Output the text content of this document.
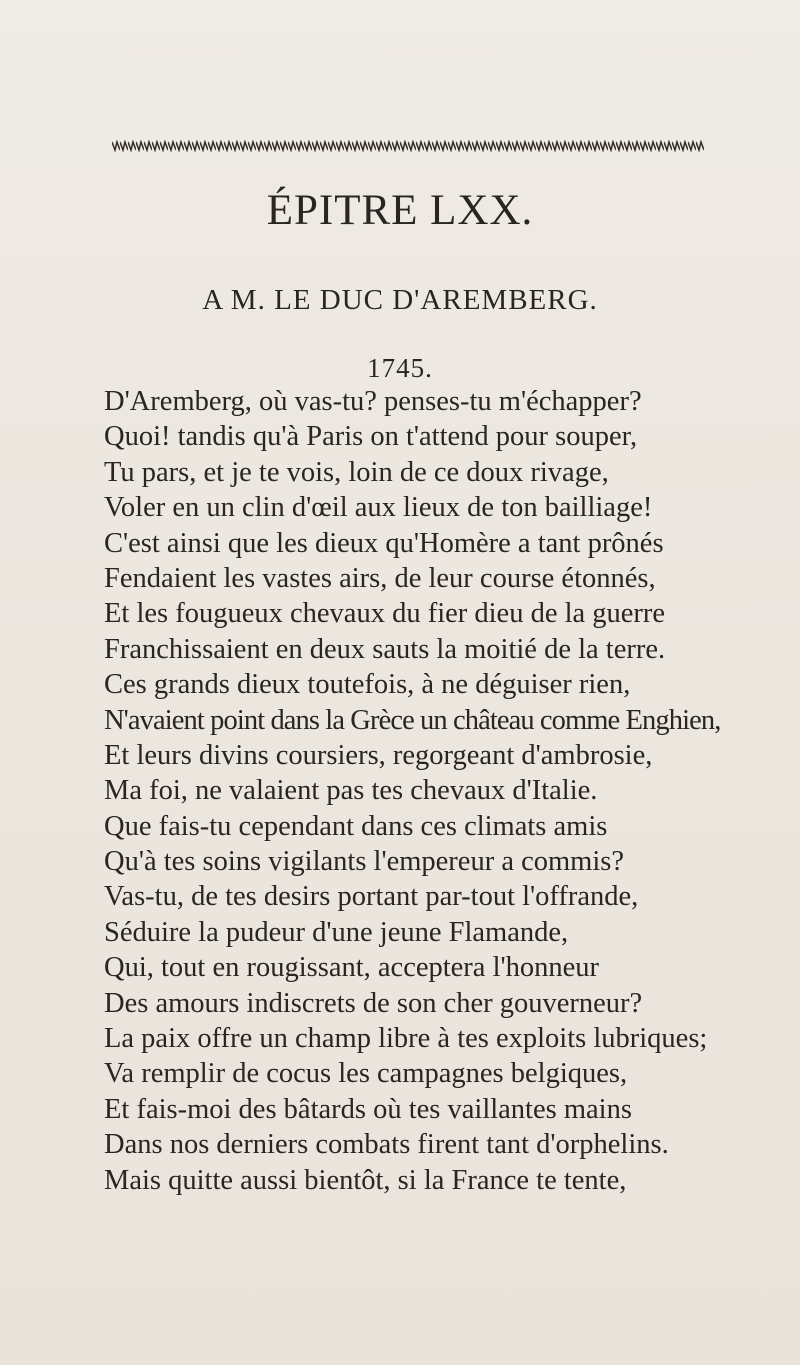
ÉPITRE LXX.
A M. LE DUC D'AREMBERG.
1745.
D'Aremberg, où vas-tu? penses-tu m'échapper?
Quoi! tandis qu'à Paris on t'attend pour souper,
Tu pars, et je te vois, loin de ce doux rivage,
Voler en un clin d'œil aux lieux de ton bailliage!
C'est ainsi que les dieux qu'Homère a tant prônés
Fendaient les vastes airs, de leur course étonnés,
Et les fougueux chevaux du fier dieu de la guerre
Franchissaient en deux sauts la moitié de la terre.
Ces grands dieux toutefois, à ne déguiser rien,
N'avaient point dans la Grèce un château comme Enghien,
Et leurs divins coursiers, regorgeant d'ambrosie,
Ma foi, ne valaient pas tes chevaux d'Italie.
Que fais-tu cependant dans ces climats amis
Qu'à tes soins vigilants l'empereur a commis?
Vas-tu, de tes desirs portant par-tout l'offrande,
Séduire la pudeur d'une jeune Flamande,
Qui, tout en rougissant, acceptera l'honneur
Des amours indiscrets de son cher gouverneur?
La paix offre un champ libre à tes exploits lubriques;
Va remplir de cocus les campagnes belgiques,
Et fais-moi des bâtards où tes vaillantes mains
Dans nos derniers combats firent tant d'orphelins.
Mais quitte aussi bientôt, si la France te tente,
